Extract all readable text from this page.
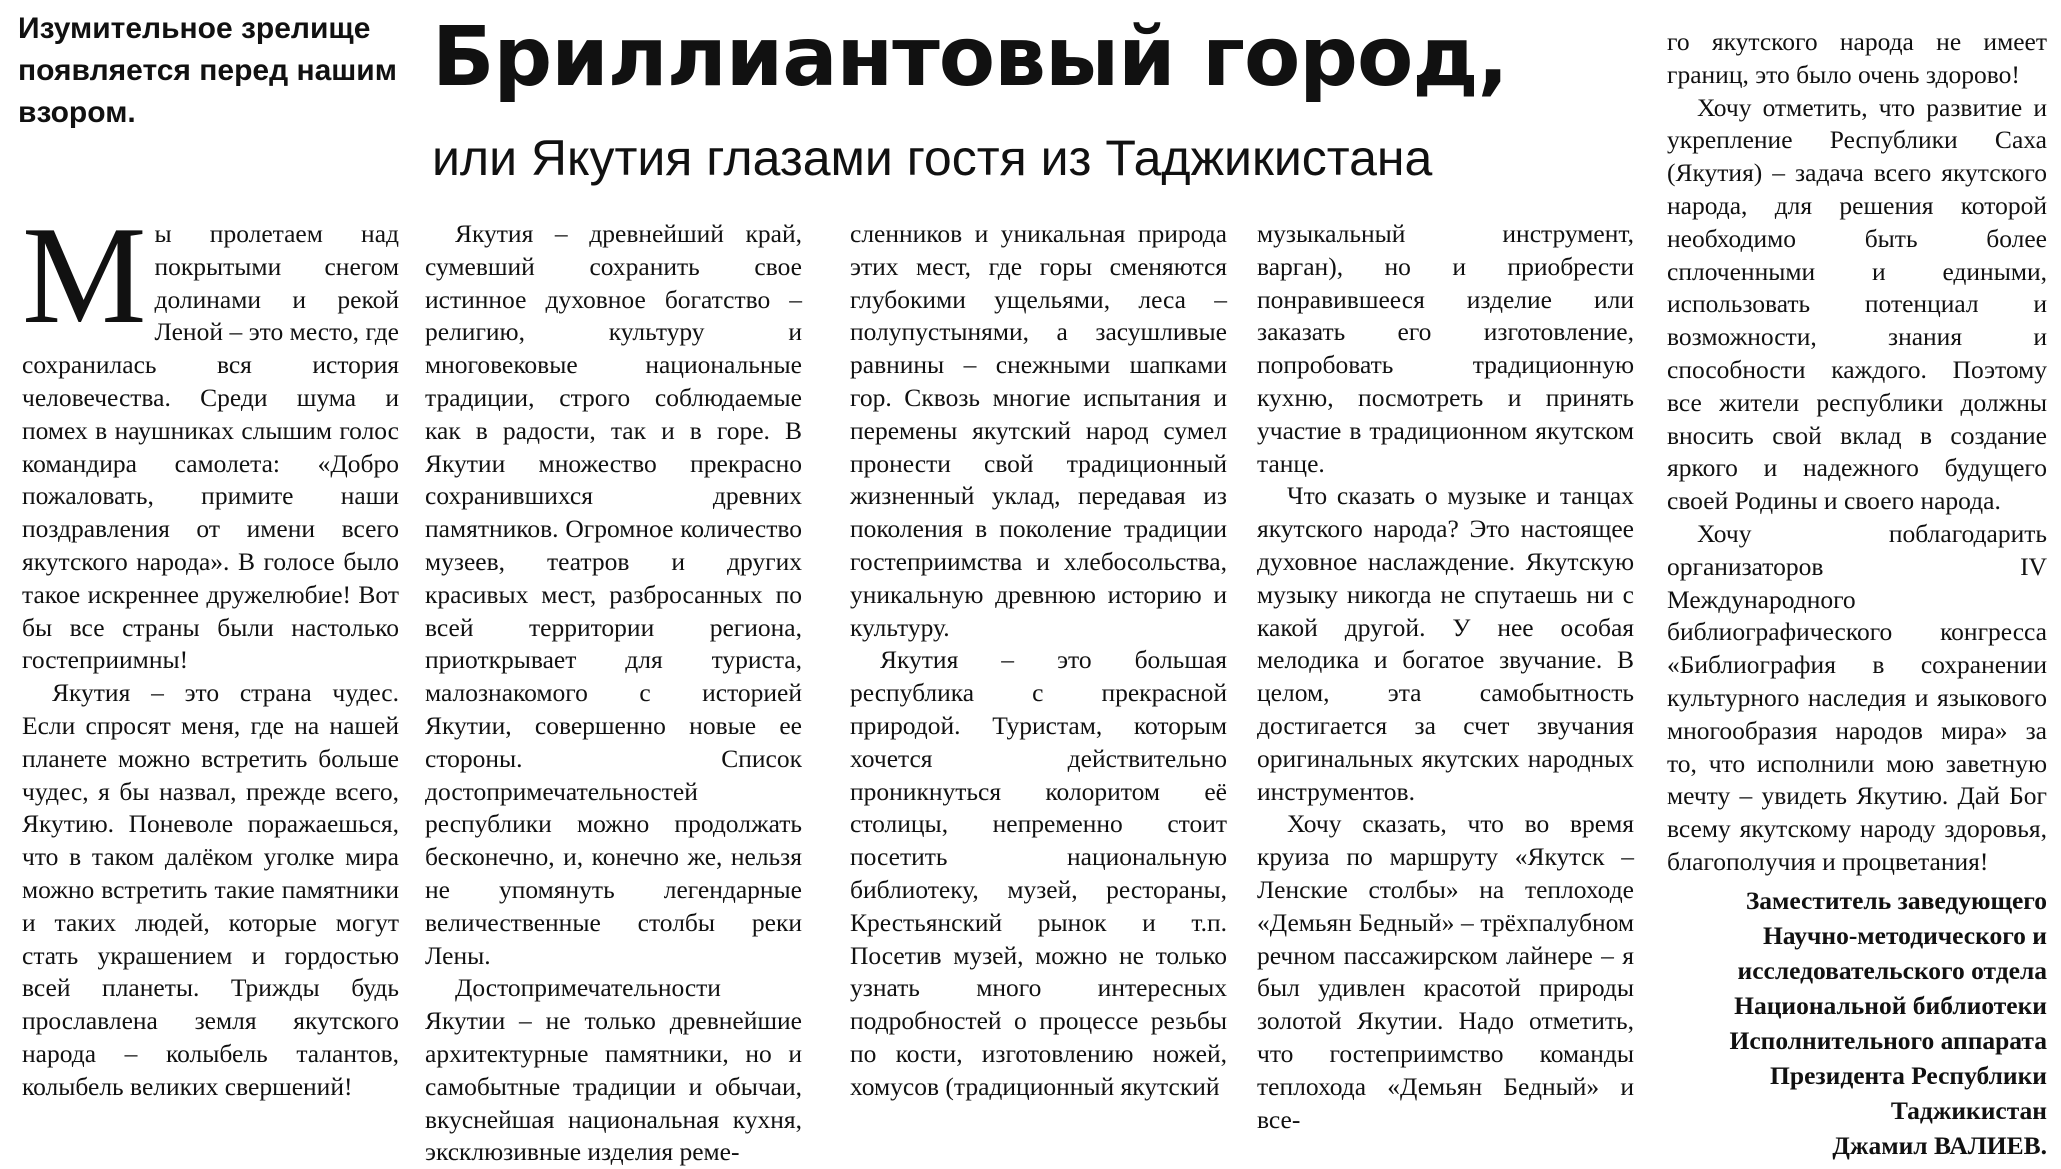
Изумительное зрелище появляется перед нашим взором.
Бриллиантовый город,
или Якутия глазами гостя из Таджикистана
М ы пролетаем над покрытыми снегом долинами и рекой Леной – это место, где сохранилась вся история человечества. Среди шума и помех в наушниках слышим голос командира самолета: «Добро пожаловать, примите наши поздравления от имени всего якутского народа». В голосе было такое искреннее дружелюбие! Вот бы все страны были настолько гостеприимны!

Якутия – это страна чудес. Если спросят меня, где на нашей планете можно встретить больше чудес, я бы назвал, прежде всего, Якутию. Поневоле поражаешься, что в таком далёком уголке мира можно встретить такие памятники и таких людей, которые могут стать украшением и гордостью всей планеты. Трижды будь прославлена земля якутского народа – колыбель талантов, колыбель великих свершений!

Якутия – древнейший край, сумевший сохранить свое истинное духовное богатство – религию, культуру и многовековые национальные традиции, строго соблюдаемые как в радости, так и в горе. В Якутии множество прекрасно сохранившихся древних памятников. Огромное количество музеев, театров и других красивых мест, разбросанных по всей территории региона, приоткрывает для туриста, малознакомого с историей Якутии, совершенно новые ее стороны. Список достопримечательностей республики можно продолжать бесконечно, и, конечно же, нельзя не упомянуть легендарные величественные столбы реки Лены.

Достопримечательности Якутии – не только древнейшие архитектурные памятники, но и самобытные традиции и обычаи, вкуснейшая национальная кухня, эксклюзивные изделия реме-

сленников и уникальная природа этих мест, где горы сменяются глубокими ущельями, леса – полупустынями, а засушливые равнины – снежными шапками гор. Сквозь многие испытания и перемены якутский народ сумел пронести свой традиционный жизненный уклад, передавая из поколения в поколение традиции гостеприимства и хлебосольства, уникальную древнюю историю и культуру.

Якутия – это большая республика с прекрасной природой. Туристам, которым хочется действительно проникнуться колоритом её столицы, непременно стоит посетить национальную библиотеку, музей, рестораны, Крестьянский рынок и т.п. Посетив музей, можно не только узнать много интересных подробностей о процессе резьбы по кости, изготовлению ножей, хомусов (традиционный якутский

музыкальный инструмент, варган), но и приобрести понравившееся изделие или заказать его изготовление, попробовать традиционную кухню, посмотреть и принять участие в традиционном якутском танце.

Что сказать о музыке и танцах якутского народа? Это настоящее духовное наслаждение. Якутскую музыку никогда не спутаешь ни с какой другой. У нее особая мелодика и богатое звучание. В целом, эта самобытность достигается за счет звучания оригинальных якутских народных инструментов.

Хочу сказать, что во время круиза по маршруту «Якутск – Ленские столбы» на теплоходе «Демьян Бедный» – трёхпалубном речном пассажирском лайнере – я был удивлен красотой природы золотой Якутии. Надо отметить, что гостеприимство команды теплохода «Демьян Бедный» и все-

го якутского народа не имеет границ, это было очень здорово!

Хочу отметить, что развитие и укрепление Республики Саха (Якутия) – задача всего якутского народа, для решения которой необходимо быть более сплоченными и едиными, использовать потенциал и возможности, знания и способности каждого. Поэтому все жители республики должны вносить свой вклад в создание яркого и надежного будущего своей Родины и своего народа.

Хочу поблагодарить организаторов IV Международного библиографического конгресса «Библиография в сохранении культурного наследия и языкового многообразия народов мира» за то, что исполнили мою заветную мечту – увидеть Якутию. Дай Бог всему якутскому народу здоровья, благополучия и процветания!

Заместитель заведующего
Научно-методического и
исследовательского отдела
Национальной библиотеки
Исполнительного аппарата
Президента Республики
Таджикистан
Джамил ВАЛИЕВ.
